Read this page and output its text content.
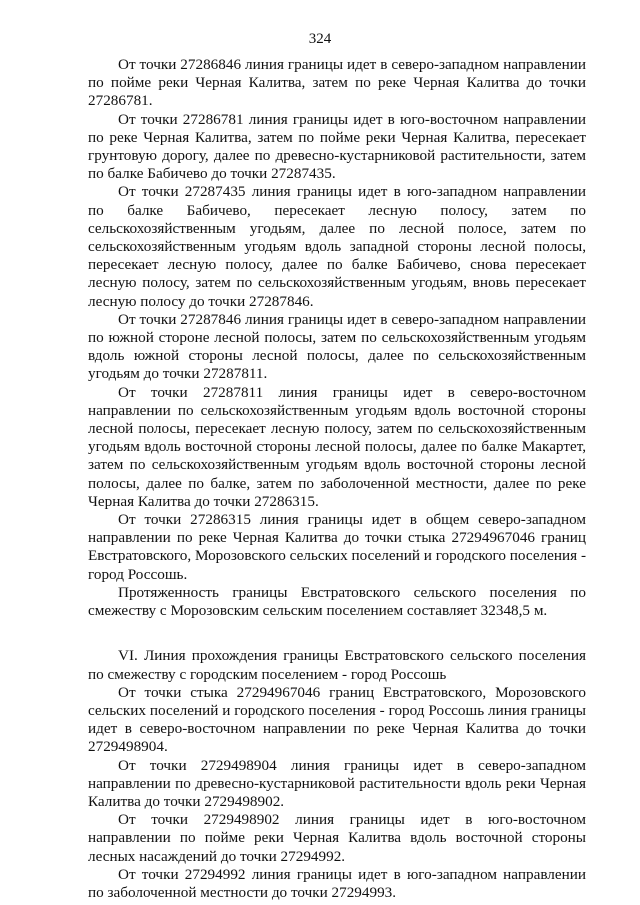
324

От точки 27286846 линия границы идет в северо-западном направлении по пойме реки Черная Калитва, затем по реке Черная Калитва до точки 27286781.

От точки 27286781 линия границы идет в юго-восточном направлении по реке Черная Калитва, затем по пойме реки Черная Калитва, пересекает грунтовую дорогу, далее по древесно-кустарниковой растительности, затем по балке Бабичево до точки 27287435.

От точки 27287435 линия границы идет в юго-западном направлении по балке Бабичево, пересекает лесную полосу, затем по сельскохозяйственным угодьям, далее по лесной полосе, затем по сельскохозяйственным угодьям вдоль западной стороны лесной полосы, пересекает лесную полосу, далее по балке Бабичево, снова пересекает лесную полосу, затем по сельскохозяйственным угодьям, вновь пересекает лесную полосу до точки 27287846.

От точки 27287846 линия границы идет в северо-западном направлении по южной стороне лесной полосы, затем по сельскохозяйственным угодьям вдоль южной стороны лесной полосы, далее по сельскохозяйственным угодьям до точки 27287811.

От точки 27287811 линия границы идет в северо-восточном направлении по сельскохозяйственным угодьям вдоль восточной стороны лесной полосы, пересекает лесную полосу, затем по сельскохозяйственным угодьям вдоль восточной стороны лесной полосы, далее по балке Макартет, затем по сельскохозяйственным угодьям вдоль восточной стороны лесной полосы, далее по балке, затем по заболоченной местности, далее по реке Черная Калитва до точки 27286315.

От точки 27286315 линия границы идет в общем северо-западном направлении по реке Черная Калитва до точки стыка 27294967046 границ Евстратовского, Морозовского сельских поселений и городского поселения - город Россошь.

Протяженность границы Евстратовского сельского поселения по смежеству с Морозовским сельским поселением составляет 32348,5 м.

VI. Линия прохождения границы Евстратовского сельского поселения по смежеству с городским поселением - город Россошь

От точки стыка 27294967046 границ Евстратовского, Морозовского сельских поселений и городского поселения - город Россошь линия границы идет в северо-восточном направлении по реке Черная Калитва до точки 2729498904.

От точки 2729498904 линия границы идет в северо-западном направлении по древесно-кустарниковой растительности вдоль реки Черная Калитва до точки 2729498902.

От точки 2729498902 линия границы идет в юго-восточном направлении по пойме реки Черная Калитва вдоль восточной стороны лесных насаждений до точки 27294992.

От точки 27294992 линия границы идет в юго-западном направлении по заболоченной местности до точки 27294993.
